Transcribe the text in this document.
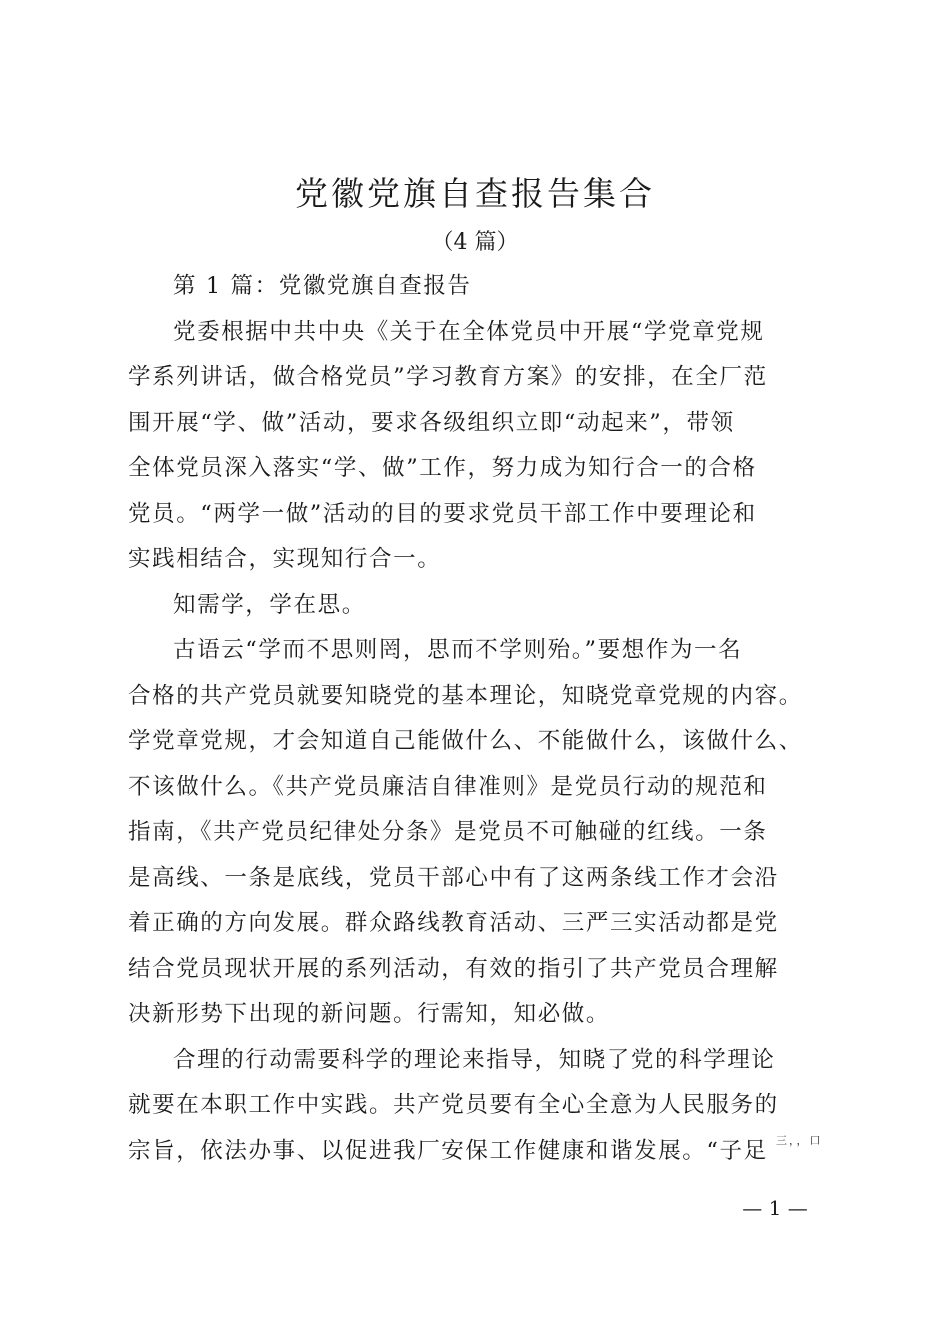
党徽党旗自查报告集合
（4 篇）

第 1 篇：党徽党旗自查报告

党委根据中共中央《关于在全体党员中开展“学党章党规
学系列讲话，做合格党员”学习教育方案》的安排，在全厂范
围开展“学、做”活动，要求各级组织立即“动起来”，带领
全体党员深入落实“学、做”工作，努力成为知行合一的合格
党员。“两学一做”活动的目的要求党员干部工作中要理论和
实践相结合，实现知行合一。

知需学，学在思。

古语云“学而不思则罔，思而不学则殆。”要想作为一名
合格的共产党员就要知晓党的基本理论，知晓党章党规的内容。
学党章党规，才会知道自己能做什么、不能做什么，该做什么、
不该做什么。《共产党员廉洁自律准则》是党员行动的规范和
指南，《共产党员纪律处分条》是党员不可触碰的红线。一条
是高线、一条是底线，党员干部心中有了这两条线工作才会沿
着正确的方向发展。群众路线教育活动、三严三实活动都是党
结合党员现状开展的系列活动，有效的指引了共产党员合理解
决新形势下出现的新问题。行需知，知必做。

合理的行动需要科学的理论来指导，知晓了党的科学理论
就要在本职工作中实践。共产党员要有全心全意为人民服务的
宗旨，依法办事、以促进我厂安保工作健康和谐发展。“子足 三，，口
— 1 —
